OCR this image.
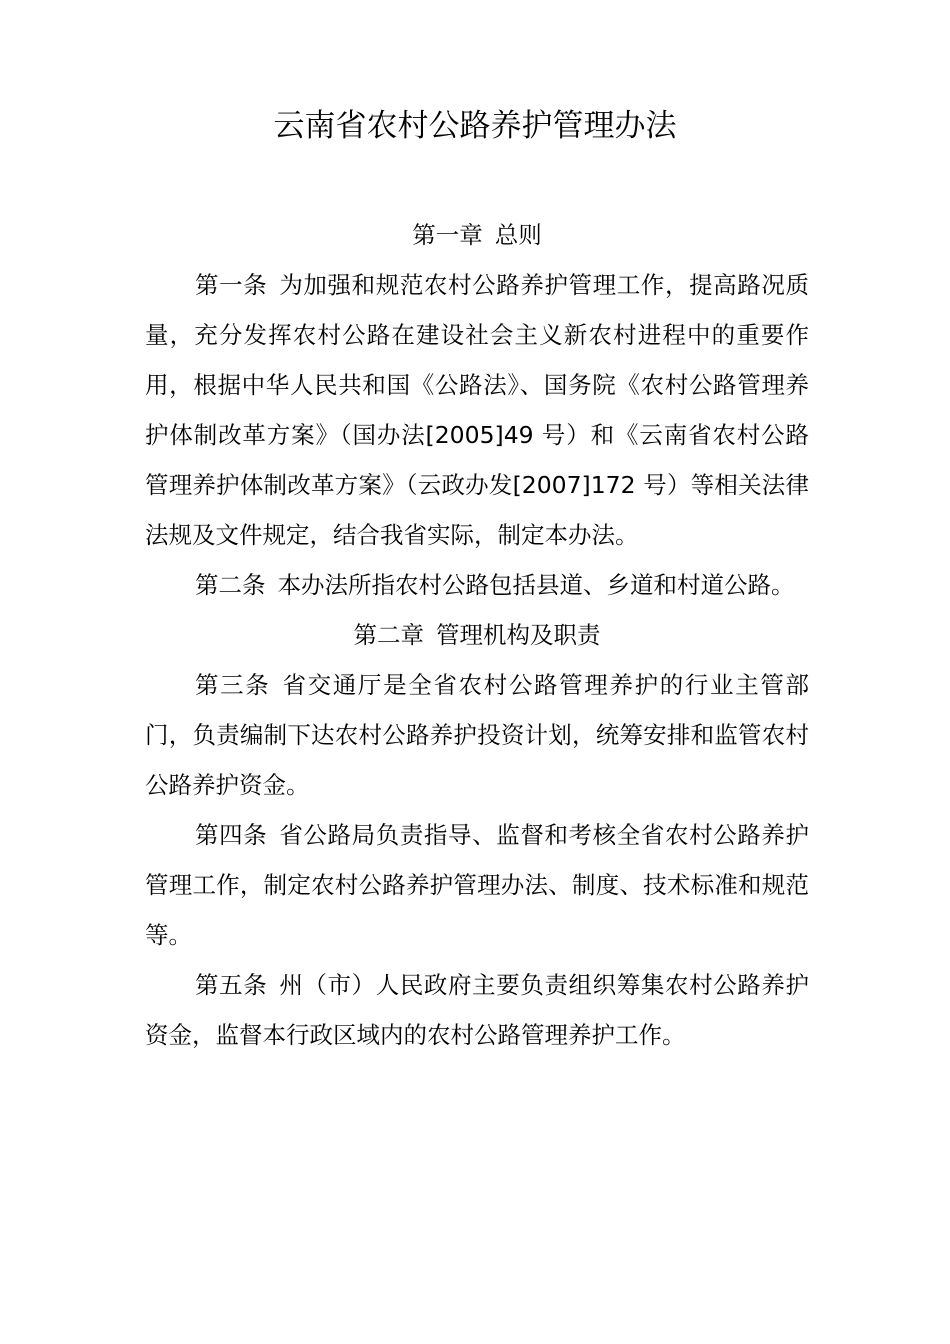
云南省农村公路养护管理办法
第一章 总则

第一条 为加强和规范农村公路养护管理工作，提高路况质量，充分发挥农村公路在建设社会主义新农村进程中的重要作用，根据中华人民共和国《公路法》、国务院《农村公路管理养护体制改革方案》（国办法[2005]49 号）和《云南省农村公路管理养护体制改革方案》（云政办发[2007]172 号）等相关法律法规及文件规定，结合我省实际，制定本办法。

第二条 本办法所指农村公路包括县道、乡道和村道公路。

第二章 管理机构及职责

第三条 省交通厅是全省农村公路管理养护的行业主管部门，负责编制下达农村公路养护投资计划，统筹安排和监管农村公路养护资金。

第四条 省公路局负责指导、监督和考核全省农村公路养护管理工作，制定农村公路养护管理办法、制度、技术标准和规范等。

第五条 州（市）人民政府主要负责组织筹集农村公路养护资金，监督本行政区域内的农村公路管理养护工作。
